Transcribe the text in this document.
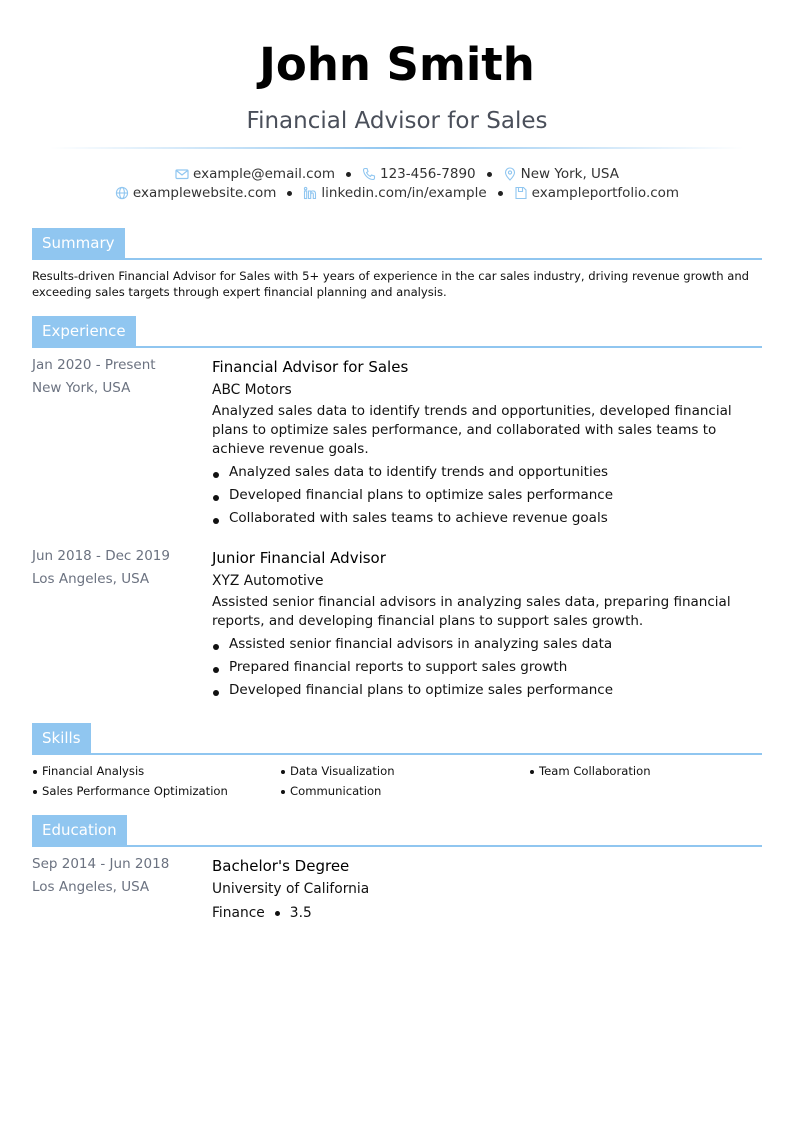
John Smith
Financial Advisor for Sales
example@email.com	123-456-7890	New York, USA
examplewebsite.com	linkedin.com/in/example	exampleportfolio.com
Summary
Results-driven Financial Advisor for Sales with 5+ years of experience in the car sales industry, driving revenue growth and exceeding sales targets through expert financial planning and analysis.
Experience
Jan 2020 - Present
New York, USA
Financial Advisor for Sales
ABC Motors
Analyzed sales data to identify trends and opportunities, developed financial plans to optimize sales performance, and collaborated with sales teams to achieve revenue goals.
Analyzed sales data to identify trends and opportunities
Developed financial plans to optimize sales performance
Collaborated with sales teams to achieve revenue goals
Jun 2018 - Dec 2019
Los Angeles, USA
Junior Financial Advisor
XYZ Automotive
Assisted senior financial advisors in analyzing sales data, preparing financial reports, and developing financial plans to support sales growth.
Assisted senior financial advisors in analyzing sales data
Prepared financial reports to support sales growth
Developed financial plans to optimize sales performance
Skills
Financial Analysis	Data Visualization	Team Collaboration
Sales Performance Optimization	Communication
Education
Sep 2014 - Jun 2018
Los Angeles, USA
Bachelor's Degree
University of California
Finance 3.5
